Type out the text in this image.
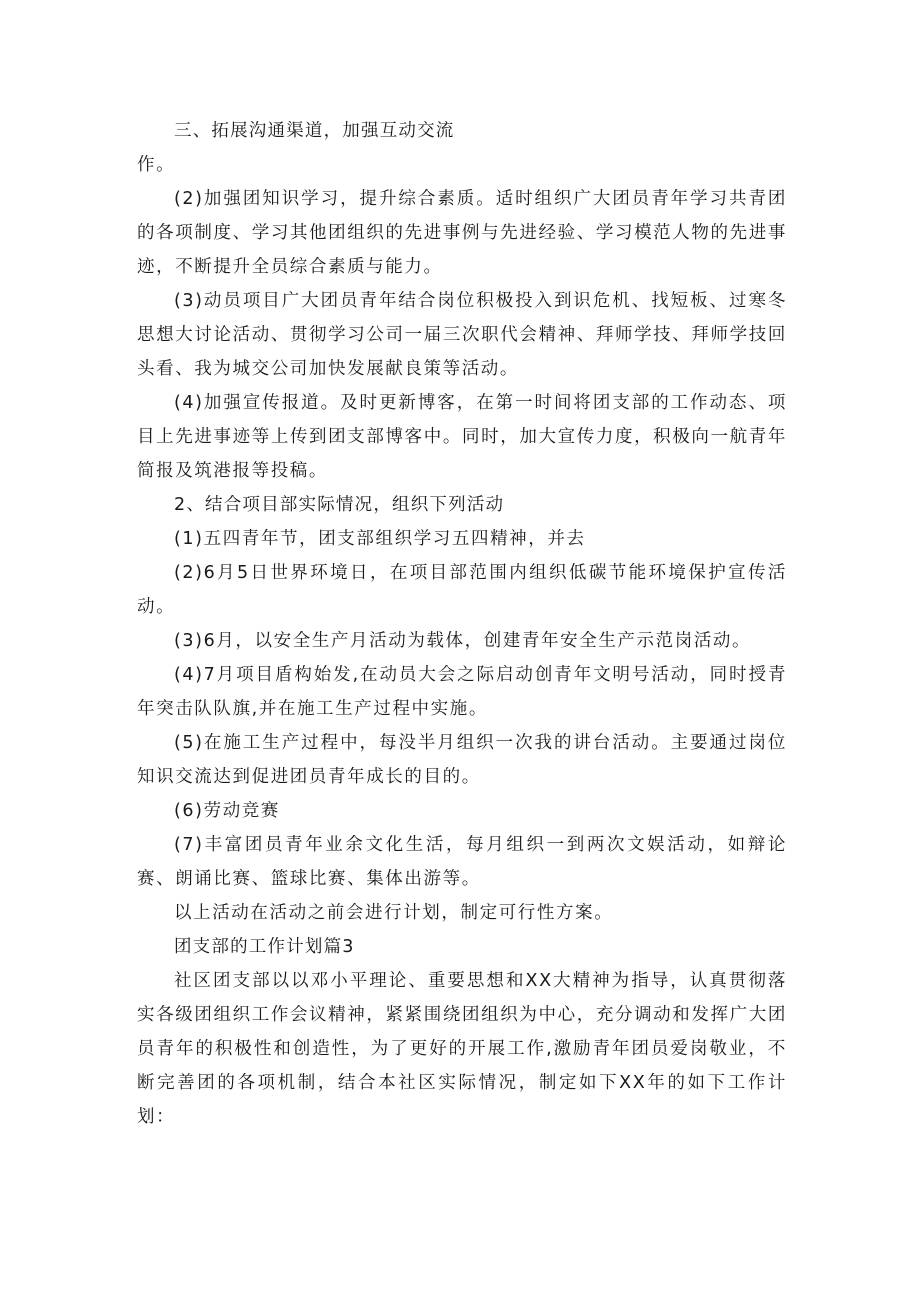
三、拓展沟通渠道，加强互动交流

作。

(2)加强团知识学习，提升综合素质。适时组织广大团员青年学习共青团的各项制度、学习其他团组织的先进事例与先进经验、学习模范人物的先进事迹，不断提升全员综合素质与能力。

(3)动员项目广大团员青年结合岗位积极投入到识危机、找短板、过寒冬思想大讨论活动、贯彻学习公司一届三次职代会精神、拜师学技、拜师学技回头看、我为城交公司加快发展献良策等活动。

(4)加强宣传报道。及时更新博客，在第一时间将团支部的工作动态、项目上先进事迹等上传到团支部博客中。同时，加大宣传力度，积极向一航青年简报及筑港报等投稿。

2、结合项目部实际情况，组织下列活动

(1)五四青年节，团支部组织学习五四精神，并去

(2)6月5日世界环境日，在项目部范围内组织低碳节能环境保护宣传活动。

(3)6月，以安全生产月活动为载体，创建青年安全生产示范岗活动。

(4)7月项目盾构始发,在动员大会之际启动创青年文明号活动，同时授青年突击队队旗,并在施工生产过程中实施。

(5)在施工生产过程中，每没半月组织一次我的讲台活动。主要通过岗位知识交流达到促进团员青年成长的目的。

(6)劳动竞赛

(7)丰富团员青年业余文化生活，每月组织一到两次文娱活动，如辩论赛、朗诵比赛、篮球比赛、集体出游等。

以上活动在活动之前会进行计划，制定可行性方案。

团支部的工作计划篇3

社区团支部以以邓小平理论、重要思想和XX大精神为指导，认真贯彻落实各级团组织工作会议精神，紧紧围绕团组织为中心，充分调动和发挥广大团员青年的积极性和创造性，为了更好的开展工作,激励青年团员爱岗敬业，不断完善团的各项机制，结合本社区实际情况，制定如下XX年的如下工作计划：
